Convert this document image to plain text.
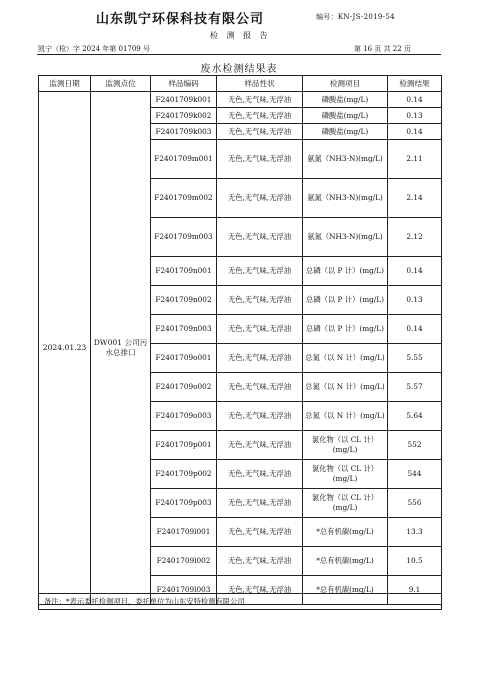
山东凯宁环保科技有限公司	编号：KN-JS-2019-54
检 测 报 告
凯宁（检）字 2024 年第 01709 号	第 16 页 共 22 页
废水检测结果表
监测日期	监测点位	样品编码	样品性状	检测项目	检测结果
2024.01.23	DW001 公司污水总排口	F2401709k001	无色,无气味,无浮油	磷酸盐(mg/L)	0.14
		F2401709k002	无色,无气味,无浮油	磷酸盐(mg/L)	0.13
		F2401709k003	无色,无气味,无浮油	磷酸盐(mg/L)	0.14
		F2401709m001	无色,无气味,无浮油	氨氮（NH3-N)(mg/L)	2.11
		F2401709m002	无色,无气味,无浮油	氨氮（NH3-N)(mg/L)	2.14
		F2401709m003	无色,无气味,无浮油	氨氮（NH3-N)(mg/L)	2.12
		F2401709n001	无色,无气味,无浮油	总磷（以 P 计）(mg/L)	0.14
		F2401709n002	无色,无气味,无浮油	总磷（以 P 计）(mg/L)	0.13
		F2401709n003	无色,无气味,无浮油	总磷（以 P 计）(mg/L)	0.14
		F2401709o001	无色,无气味,无浮油	总氮（以 N 计）(mg/L)	5.55
		F2401709o002	无色,无气味,无浮油	总氮（以 N 计）(mg/L)	5.57
		F2401709o003	无色,无气味,无浮油	总氮（以 N 计）(mg/L)	5.64
		F2401709p001	无色,无气味,无浮油	氯化物（以 CL 计）(mg/L)	552
		F2401709p002	无色,无气味,无浮油	氯化物（以 CL 计）(mg/L)	544
		F2401709p003	无色,无气味,无浮油	氯化物（以 CL 计）(mg/L)	556
		F2401709l001	无色,无气味,无浮油	*总有机碳(mg/L)	13.3
		F2401709l002	无色,无气味,无浮油	*总有机碳(mg/L)	10.5
		F2401709l003	无色,无气味,无浮油	*总有机碳(mg/L)	9.1
备注：*表示委托检测项目，委托单位为山东安特检测有限公司
